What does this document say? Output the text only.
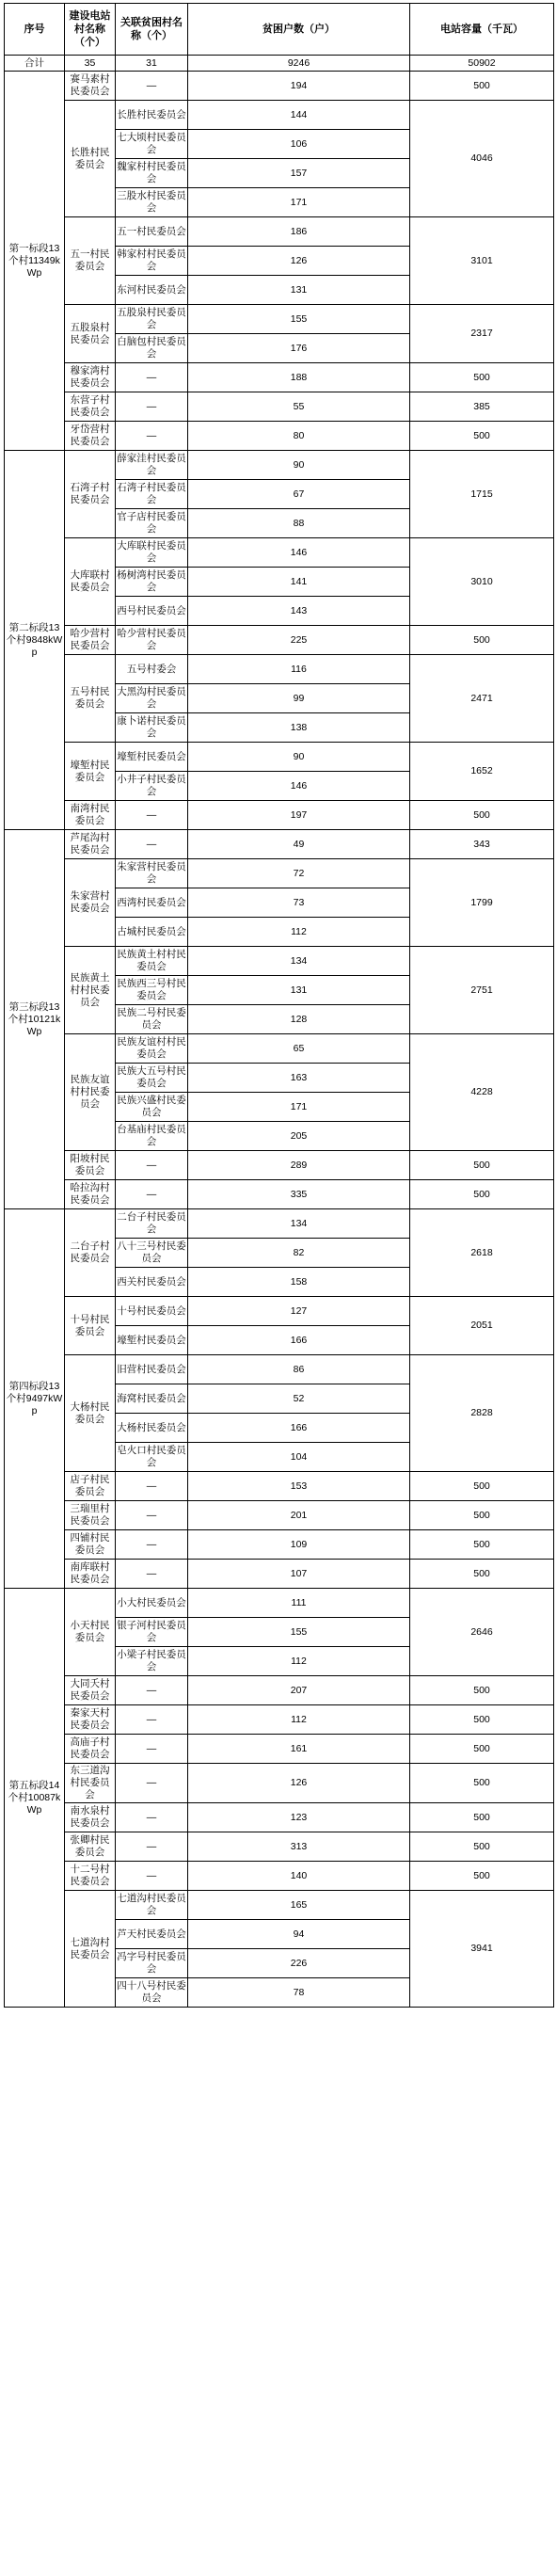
序号	建设电站村名称（个）	关联贫困村名称（个）	贫困户数（户）	电站容量（千瓦）
合计	35	31	9246	50902
第一标段13个村11349kWp	赛马素村民委员会	—	194	500
	长胜村民委员会	长胜村民委员会	144	4046
		七大顷村民委员会	106	
		魏家村村民委员会	157	
		三股水村民委员会	171	
	五一村民委员会	五一村民委员会	186	3101
		韩家村村民委员会	126	
		东河村民委员会	131	
	五股泉村民委员会	五股泉村民委员会	155	2317
		白脑包村民委员会	176	
	穆家湾村民委员会	—	188	500
	东营子村民委员会	—	55	385
	牙岱营村民委员会	—	80	500
第二标段13个村9848kWp	石湾子村民委员会	薛家洼村民委员会	90	1715
		石湾子村民委员会	67	
		官子店村民委员会	88	
	大库联村民委员会	大库联村民委员会	146	3010
		杨树湾村民委员会	141	
		西号村民委员会	143	
	哈少营村民委员会	哈少营村民委员会	225	500
	五号村民委员会	五号村委会	116	2471
		大黑沟村民委员会	99	
		康卜诺村民委员会	138	
	壕堑村民委员会	壕堑村民委员会	90	1652
		小井子村民委员会	146	
	南湾村民委员会	—	197	500
第三标段13个村10121kWp	芦尾沟村民委员会	—	49	343
	朱家营村民委员会	朱家营村民委员会	72	1799
		西湾村民委员会	73	
		古城村民委员会	112	
	民族黄土村村民委员会	民族黄土村村民委员会	134	2751
		民族西三号村民委员会	131	
		民族二号村民委员会	128	
	民族友谊村村民委员会	民族友谊村村民委员会	65	4228
		民族大五号村民委员会	163	
		民族兴盛村民委员会	171	
		台基庙村民委员会	205	
	阳坡村民委员会	—	289	500
	哈拉沟村民委员会	—	335	500
第四标段13个村9497kWp	二台子村民委员会	二台子村民委员会	134	2618
		八十三号村民委员会	82	
		西关村民委员会	158	
	十号村民委员会	十号村民委员会	127	2051
		壕堑村民委员会	166	
	大杨村民委员会	旧营村民委员会	86	2828
		海窝村民委员会	52	
		大杨村民委员会	166	
		皂火口村民委员会	104	
	店子村民委员会	—	153	500
	三瑞里村民委员会	—	201	500
	四铺村民委员会	—	109	500
	南库联村民委员会	—	107	500
第五标段14个村10087kWp	小天村民委员会	小大村民委员会	111	2646
		银子河村民委员会	155	
		小梁子村民委员会	112	
	大同夭村民委员会	—	207	500
	秦家天村民委员会	—	112	500
	高庙子村民委员会	—	161	500
	东三道沟村民委员会	—	126	500
	南水泉村民委员会	—	123	500
	张卿村民委员会	—	313	500
	十二号村民委员会	—	140	500
	七道沟村民委员会	七道沟村民委员会	165	3941
		芦天村民委员会	94	
		冯字号村民委员会	226	
		四十八号村民委员会	78	
